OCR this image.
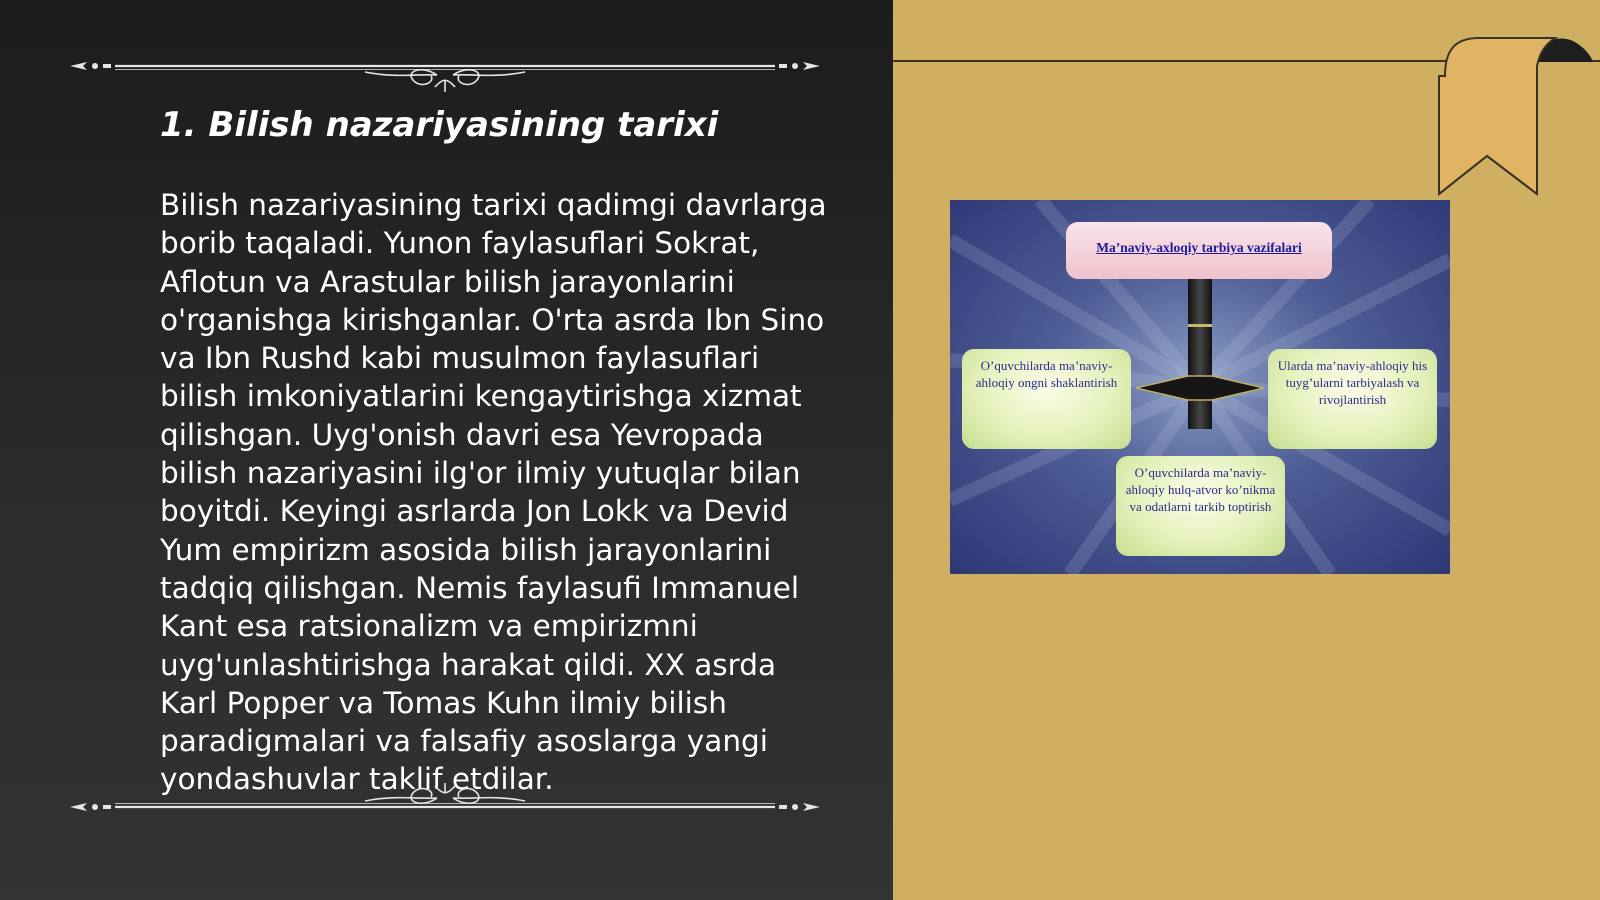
1. Bilish nazariyasining tarixi

Bilish nazariyasining tarixi qadimgi davrlarga borib taqaladi. Yunon faylasuflari Sokrat, Aflotun va Arastular bilish jarayonlarini o'rganishga kirishganlar. O'rta asrda Ibn Sino va Ibn Rushd kabi musulmon faylasuflari bilish imkoniyatlarini kengaytirishga xizmat qilishgan. Uyg'onish davri esa Yevropada bilish nazariyasini ilg'or ilmiy yutuqlar bilan boyitdi. Keyingi asrlarda Jon Lokk va Devid Yum empirizm asosida bilish jarayonlarini tadqiq qilishgan. Nemis faylasufi Immanuel Kant esa ratsionalizm va empirizmni uyg'unlashtirishga harakat qildi. XX asrda Karl Popper va Tomas Kuhn ilmiy bilish paradigmalari va falsafiy asoslarga yangi yondashuvlar taklif etdilar.

Ma’naviy-axloqiy tarbiya vazifalari
O’quvchilarda ma’naviy-ahloqiy ongni shaklantirish
Ularda ma’naviy-ahloqiy his tuyg’ularni tarbiyalash va rivojlantirish
O’quvchilarda ma’naviy-ahloqiy hulq-atvor ko’nikma va odatlarni tarkib toptirish
